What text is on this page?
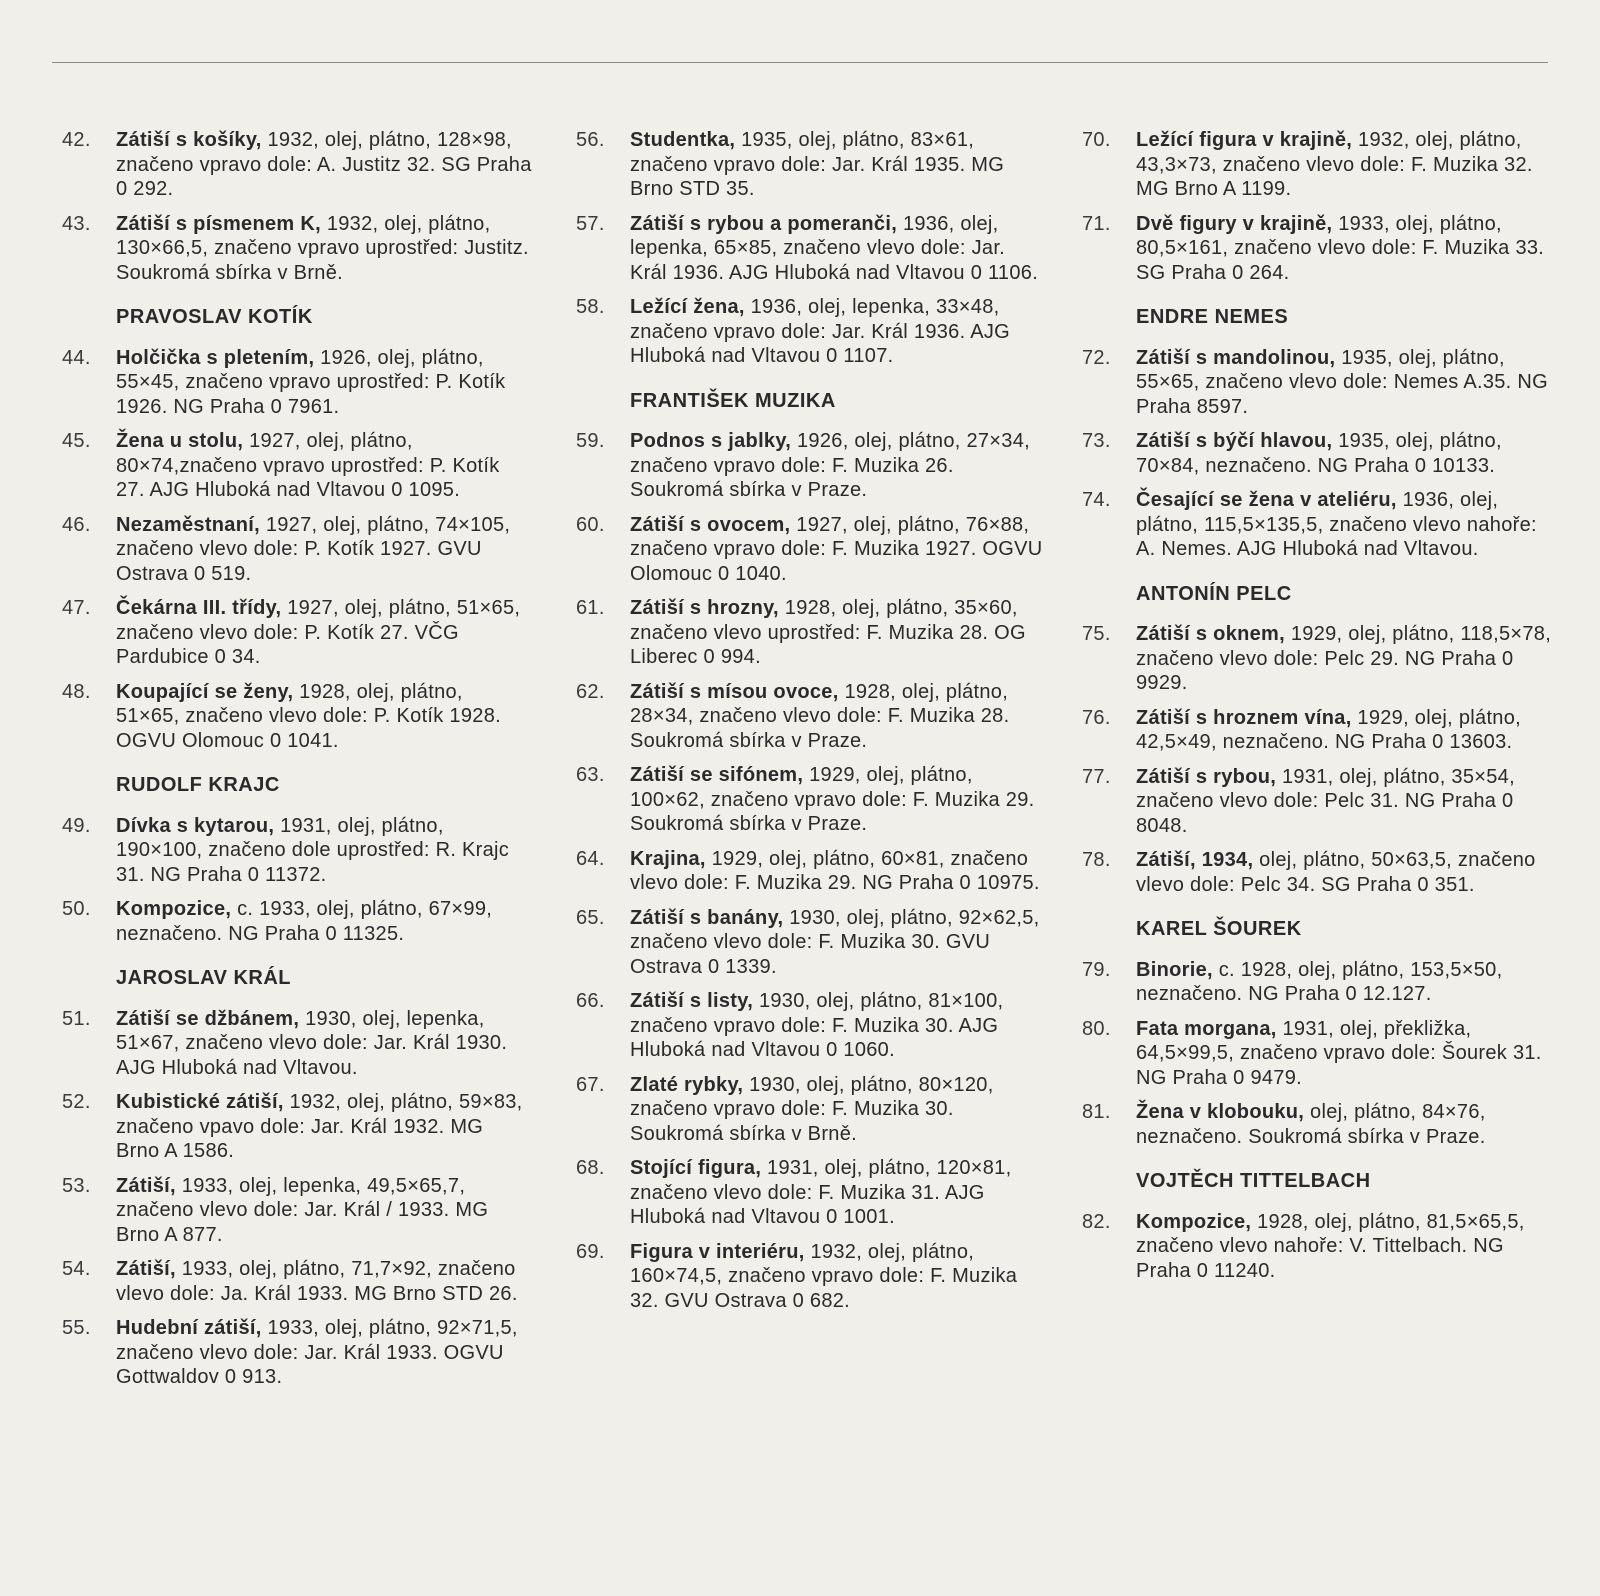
42.	Zátiší s košíky, 1932, olej, plátno, 128×98, značeno vpravo dole: A. Justitz 32. SG Praha 0 292.
43.	Zátiší s písmenem K, 1932, olej, plátno, 130×66,5, značeno vpravo uprostřed: Justitz. Soukromá sbírka v Brně.
PRAVOSLAV KOTÍK
44.	Holčička s pletením, 1926, olej, plátno, 55×45, značeno vpravo uprostřed: P. Kotík 1926. NG Praha 0 7961.
45.	Žena u stolu, 1927, olej, plátno, 80×74,značeno vpravo uprostřed: P. Kotík 27. AJG Hluboká nad Vltavou 0 1095.
46.	Nezaměstnaní, 1927, olej, plátno, 74×105, značeno vlevo dole: P. Kotík 1927. GVU Ostrava 0 519.
47.	Čekárna III. třídy, 1927, olej, plátno, 51×65, značeno vlevo dole: P. Kotík 27. VČG Pardubice 0 34.
48.	Koupající se ženy, 1928, olej, plátno, 51×65, značeno vlevo dole: P. Kotík 1928. OGVU Olomouc 0 1041.
RUDOLF KRAJC
49.	Dívka s kytarou, 1931, olej, plátno, 190×100, značeno dole uprostřed: R. Krajc 31. NG Praha 0 11372.
50.	Kompozice, c. 1933, olej, plátno, 67×99, neznačeno. NG Praha 0 11325.
JAROSLAV KRÁL
51.	Zátiší se džbánem, 1930, olej, lepenka, 51×67, značeno vlevo dole: Jar. Král 1930. AJG Hluboká nad Vltavou.
52.	Kubistické zátiší, 1932, olej, plátno, 59×83, značeno vpavo dole: Jar. Král 1932. MG Brno A 1586.
53.	Zátiší, 1933, olej, lepenka, 49,5×65,7, značeno vlevo dole: Jar. Král / 1933. MG Brno A 877.
54.	Zátiší, 1933, olej, plátno, 71,7×92, značeno vlevo dole: Ja. Král 1933. MG Brno STD 26.
55.	Hudební zátiší, 1933, olej, plátno, 92×71,5, značeno vlevo dole: Jar. Král 1933. OGVU Gottwaldov 0 913.
56.	Studentka, 1935, olej, plátno, 83×61, značeno vpravo dole: Jar. Král 1935. MG Brno STD 35.
57.	Zátiší s rybou a pomeranči, 1936, olej, lepenka, 65×85, značeno vlevo dole: Jar. Král 1936. AJG Hluboká nad Vltavou 0 1106.
58.	Ležící žena, 1936, olej, lepenka, 33×48, značeno vpravo dole: Jar. Král 1936. AJG Hluboká nad Vltavou 0 1107.
FRANTIŠEK MUZIKA
59.	Podnos s jablky, 1926, olej, plátno, 27×34, značeno vpravo dole: F. Muzika 26. Soukromá sbírka v Praze.
60.	Zátiší s ovocem, 1927, olej, plátno, 76×88, značeno vpravo dole: F. Muzika 1927. OGVU Olomouc 0 1040.
61.	Zátiší s hrozny, 1928, olej, plátno, 35×60, značeno vlevo uprostřed: F. Muzika 28. OG Liberec 0 994.
62.	Zátiší s mísou ovoce, 1928, olej, plátno, 28×34, značeno vlevo dole: F. Muzika 28. Soukromá sbírka v Praze.
63.	Zátiší se sifónem, 1929, olej, plátno, 100×62, značeno vpravo dole: F. Muzika 29. Soukromá sbírka v Praze.
64.	Krajina, 1929, olej, plátno, 60×81, značeno vlevo dole: F. Muzika 29. NG Praha 0 10975.
65.	Zátiší s banány, 1930, olej, plátno, 92×62,5, značeno vlevo dole: F. Muzika 30. GVU Ostrava 0 1339.
66.	Zátiší s listy, 1930, olej, plátno, 81×100, značeno vpravo dole: F. Muzika 30. AJG Hluboká nad Vltavou 0 1060.
67.	Zlaté rybky, 1930, olej, plátno, 80×120, značeno vpravo dole: F. Muzika 30. Soukromá sbírka v Brně.
68.	Stojící figura, 1931, olej, plátno, 120×81, značeno vlevo dole: F. Muzika 31. AJG Hluboká nad Vltavou 0 1001.
69.	Figura v interiéru, 1932, olej, plátno, 160×74,5, značeno vpravo dole: F. Muzika 32. GVU Ostrava 0 682.
70.	Ležící figura v krajině, 1932, olej, plátno, 43,3×73, značeno vlevo dole: F. Muzika 32. MG Brno A 1199.
71.	Dvě figury v krajině, 1933, olej, plátno, 80,5×161, značeno vlevo dole: F. Muzika 33. SG Praha 0 264.
ENDRE NEMES
72.	Zátiší s mandolinou, 1935, olej, plátno, 55×65, značeno vlevo dole: Nemes A.35. NG Praha 8597.
73.	Zátiší s býčí hlavou, 1935, olej, plátno, 70×84, neznačeno. NG Praha 0 10133.
74.	Česající se žena v ateliéru, 1936, olej, plátno, 115,5×135,5, značeno vlevo nahoře: A. Nemes. AJG Hluboká nad Vltavou.
ANTONÍN PELC
75.	Zátiší s oknem, 1929, olej, plátno, 118,5×78, značeno vlevo dole: Pelc 29. NG Praha 0 9929.
76.	Zátiší s hroznem vína, 1929, olej, plátno, 42,5×49, neznačeno. NG Praha 0 13603.
77.	Zátiší s rybou, 1931, olej, plátno, 35×54, značeno vlevo dole: Pelc 31. NG Praha 0 8048.
78.	Zátiší, 1934, olej, plátno, 50×63,5, značeno vlevo dole: Pelc 34. SG Praha 0 351.
KAREL ŠOUREK
79.	Binorie, c. 1928, olej, plátno, 153,5×50, neznačeno. NG Praha 0 12.127.
80.	Fata morgana, 1931, olej, překližka, 64,5×99,5, značeno vpravo dole: Šourek 31. NG Praha 0 9479.
81.	Žena v klobouku, olej, plátno, 84×76, neznačeno. Soukromá sbírka v Praze.
VOJTĚCH TITTELBACH
82.	Kompozice, 1928, olej, plátno, 81,5×65,5, značeno vlevo nahoře: V. Tittelbach. NG Praha 0 11240.
